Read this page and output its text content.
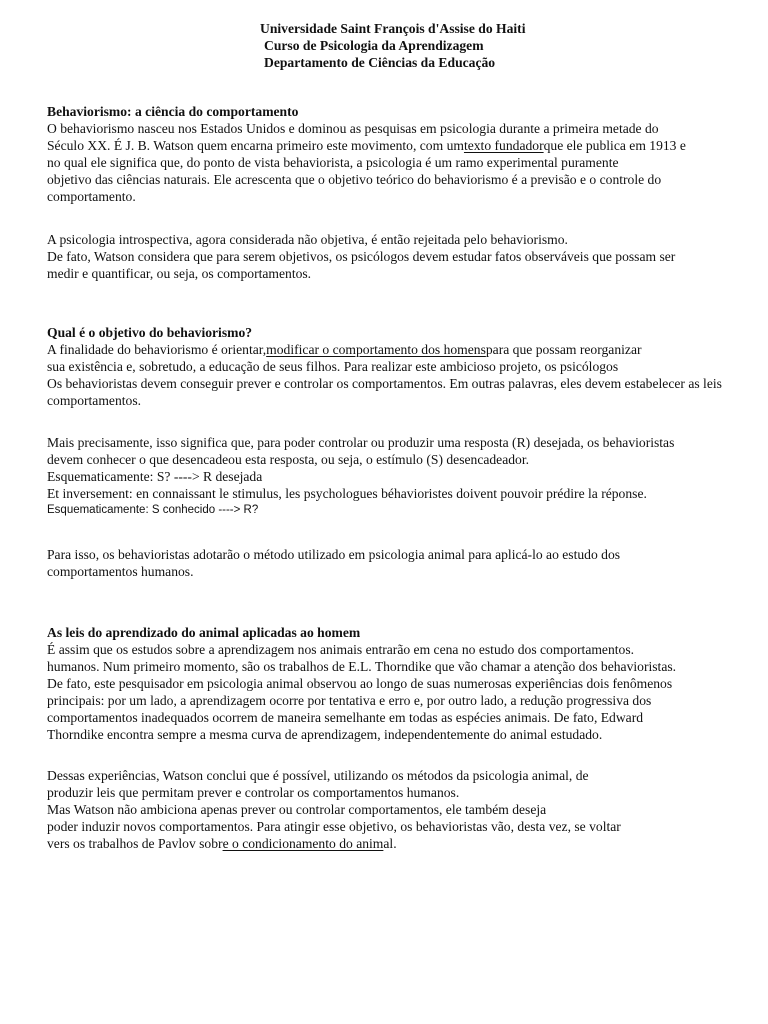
Universidade Saint François d'Assise do Haiti
Curso de Psicologia da Aprendizagem
Departamento de Ciências da Educação
Behaviorismo: a ciência do comportamento
O behaviorismo nasceu nos Estados Unidos e dominou as pesquisas em psicologia durante a primeira metade do
Século XX. É J. B. Watson quem encarna primeiro este movimento, com umtexto fundadorque ele publica em 1913 e
no qual ele significa que, do ponto de vista behaviorista, a psicologia é um ramo experimental puramente
objetivo das ciências naturais. Ele acrescenta que o objetivo teórico do behaviorismo é a previsão e o controle do
comportamento.
A psicologia introspectiva, agora considerada não objetiva, é então rejeitada pelo behaviorismo.
De fato, Watson considera que para serem objetivos, os psicólogos devem estudar fatos observáveis que possam ser
medir e quantificar, ou seja, os comportamentos.
Qual é o objetivo do behaviorismo?
A finalidade do behaviorismo é orientar,modificar o comportamento dos homenspara que possam reorganizar
sua existência e, sobretudo, a educação de seus filhos. Para realizar este ambicioso projeto, os psicólogos
Os behavioristas devem conseguir prever e controlar os comportamentos. Em outras palavras, eles devem estabelecer as leis
comportamentos.
Mais precisamente, isso significa que, para poder controlar ou produzir uma resposta (R) desejada, os behavioristas
devem conhecer o que desencadeou esta resposta, ou seja, o estímulo (S) desencadeador.
Esquematicamente: S? ----> R desejada
Et inversement: en connaissant le stimulus, les psychologues béhavioristes doivent pouvoir prédire la réponse.
Esquematicamente: S conhecido ----> R?
Para isso, os behavioristas adotarão o método utilizado em psicologia animal para aplicá-lo ao estudo dos
comportamentos humanos.
As leis do aprendizado do animal aplicadas ao homem
É assim que os estudos sobre a aprendizagem nos animais entrarão em cena no estudo dos comportamentos.
humanos. Num primeiro momento, são os trabalhos de E.L. Thorndike que vão chamar a atenção dos behavioristas.
De fato, este pesquisador em psicologia animal observou ao longo de suas numerosas experiências dois fenômenos
principais: por um lado, a aprendizagem ocorre por tentativa e erro e, por outro lado, a redução progressiva dos
comportamentos inadequados ocorrem de maneira semelhante em todas as espécies animais. De fato, Edward
Thorndike encontra sempre a mesma curva de aprendizagem, independentemente do animal estudado.
Dessas experiências, Watson conclui que é possível, utilizando os métodos da psicologia animal, de
produzir leis que permitam prever e controlar os comportamentos humanos.
Mas Watson não ambiciona apenas prever ou controlar comportamentos, ele também deseja
poder induzir novos comportamentos. Para atingir esse objetivo, os behavioristas vão, desta vez, se voltar
vers os trabalhos de Pavlov sobre o condicionamento do animal.
